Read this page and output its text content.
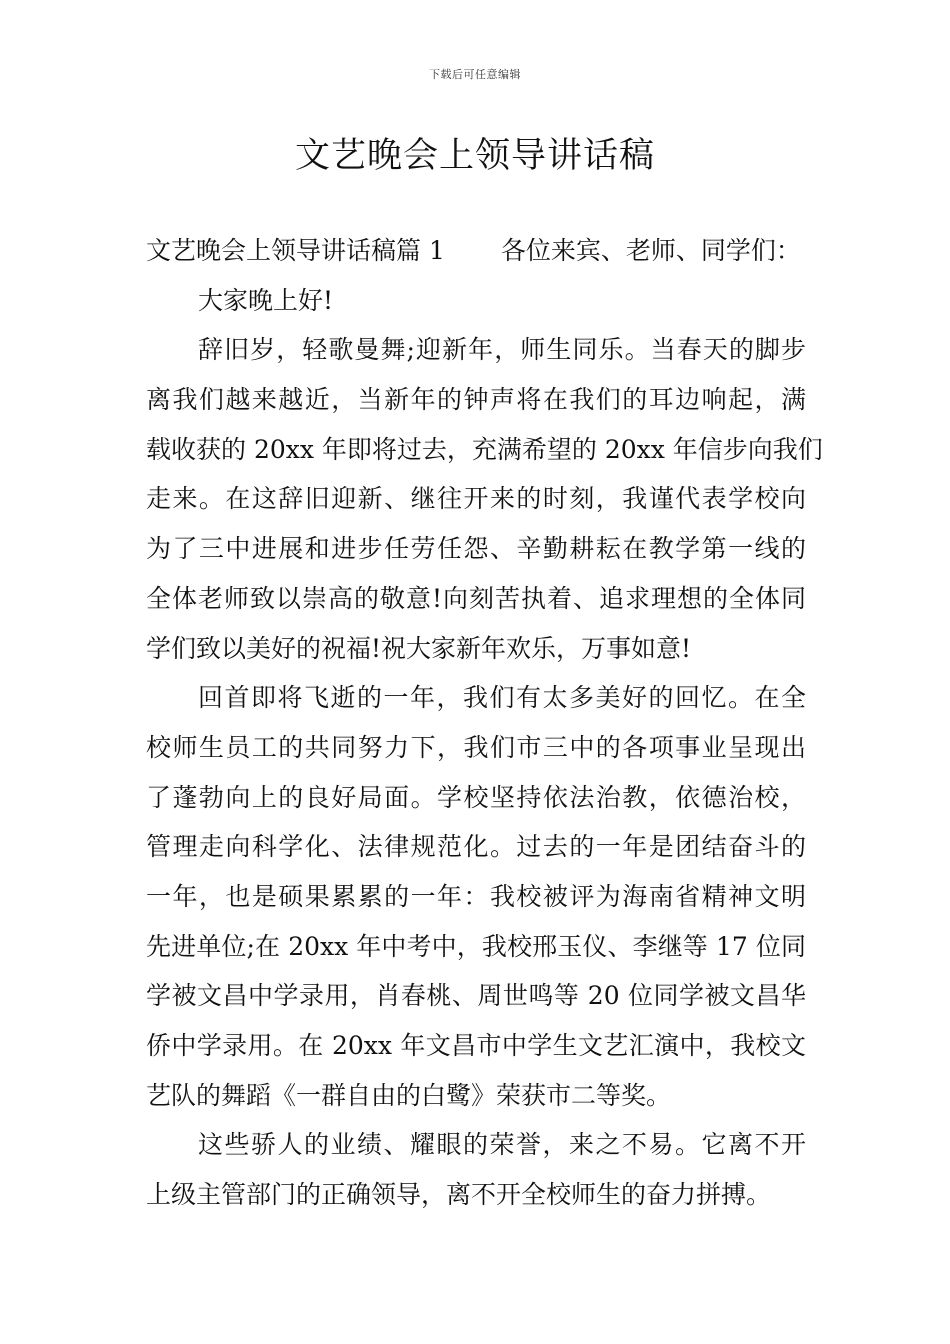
下载后可任意编辑
文艺晚会上领导讲话稿
文艺晚会上领导讲话稿篇 1 各位来宾、老师、同学们：
大家晚上好!
辞旧岁，轻歌曼舞;迎新年，师生同乐。当春天的脚步
离我们越来越近，当新年的钟声将在我们的耳边响起，满
载收获的 20xx 年即将过去，充满希望的 20xx 年信步向我们
走来。在这辞旧迎新、继往开来的时刻，我谨代表学校向
为了三中进展和进步任劳任怨、辛勤耕耘在教学第一线的
全体老师致以崇高的敬意!向刻苦执着、追求理想的全体同
学们致以美好的祝福!祝大家新年欢乐，万事如意!
回首即将飞逝的一年，我们有太多美好的回忆。在全
校师生员工的共同努力下，我们市三中的各项事业呈现出
了蓬勃向上的良好局面。学校坚持依法治教，依德治校，
管理走向科学化、法律规范化。过去的一年是团结奋斗的
一年，也是硕果累累的一年：我校被评为海南省精神文明
先进单位;在 20xx 年中考中，我校邢玉仪、李继等 17 位同
学被文昌中学录用，肖春桃、周世鸣等 20 位同学被文昌华
侨中学录用。在 20xx 年文昌市中学生文艺汇演中，我校文
艺队的舞蹈《一群自由的白鹭》荣获市二等奖。
这些骄人的业绩、耀眼的荣誉，来之不易。它离不开
上级主管部门的正确领导，离不开全校师生的奋力拼搏。
